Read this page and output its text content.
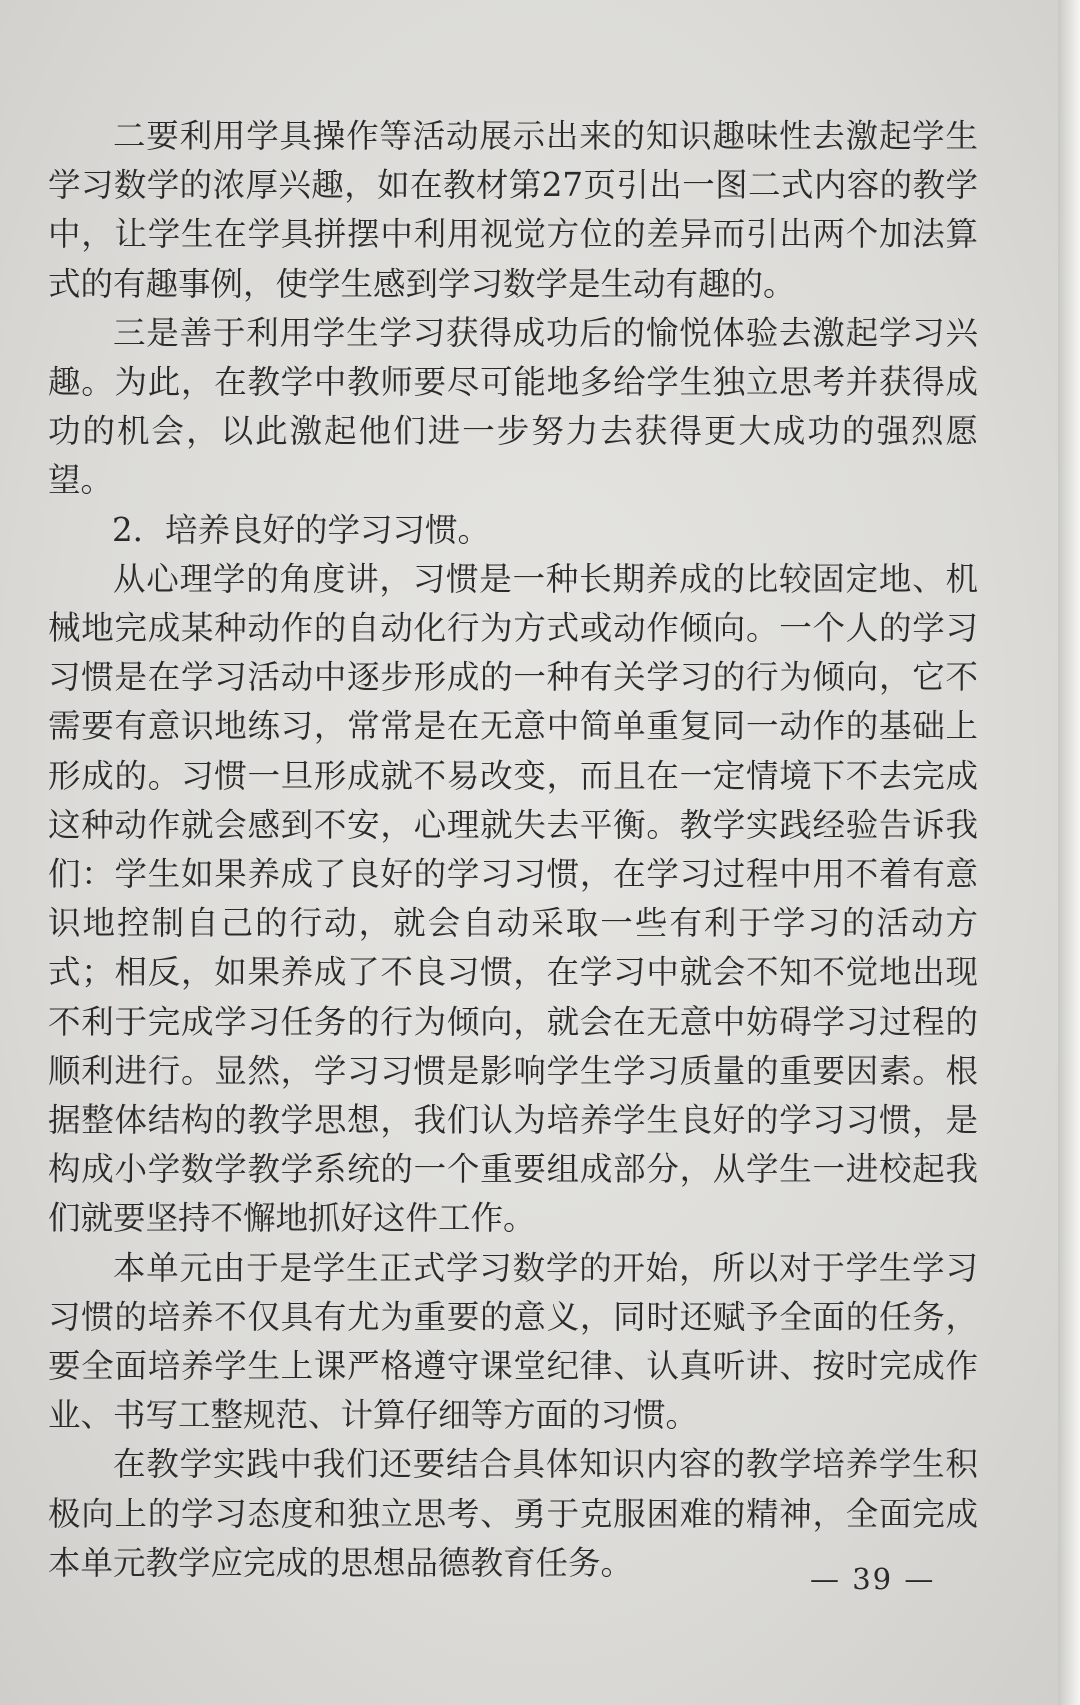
二要利用学具操作等活动展示出来的知识趣味性去激起学生学习数学的浓厚兴趣，如在教材第27页引出一图二式内容的教学中，让学生在学具拼摆中利用视觉方位的差异而引出两个加法算式的有趣事例，使学生感到学习数学是生动有趣的。

三是善于利用学生学习获得成功后的愉悦体验去激起学习兴趣。为此，在教学中教师要尽可能地多给学生独立思考并获得成功的机会，以此激起他们进一步努力去获得更大成功的强烈愿望。

2. 培养良好的学习习惯。

从心理学的角度讲，习惯是一种长期养成的比较固定地、机械地完成某种动作的自动化行为方式或动作倾向。一个人的学习习惯是在学习活动中逐步形成的一种有关学习的行为倾向，它不需要有意识地练习，常常是在无意中简单重复同一动作的基础上形成的。习惯一旦形成就不易改变，而且在一定情境下不去完成这种动作就会感到不安，心理就失去平衡。教学实践经验告诉我们：学生如果养成了良好的学习习惯，在学习过程中用不着有意识地控制自己的行动，就会自动采取一些有利于学习的活动方式；相反，如果养成了不良习惯，在学习中就会不知不觉地出现不利于完成学习任务的行为倾向，就会在无意中妨碍学习过程的顺利进行。显然，学习习惯是影响学生学习质量的重要因素。根据整体结构的教学思想，我们认为培养学生良好的学习习惯，是构成小学数学教学系统的一个重要组成部分，从学生一进校起我们就要坚持不懈地抓好这件工作。

本单元由于是学生正式学习数学的开始，所以对于学生学习习惯的培养不仅具有尤为重要的意义，同时还赋予全面的任务，要全面培养学生上课严格遵守课堂纪律、认真听讲、按时完成作业、书写工整规范、计算仔细等方面的习惯。

在教学实践中我们还要结合具体知识内容的教学培养学生积极向上的学习态度和独立思考、勇于克服困难的精神，全面完成本单元教学应完成的思想品德教育任务。	— 39 —
